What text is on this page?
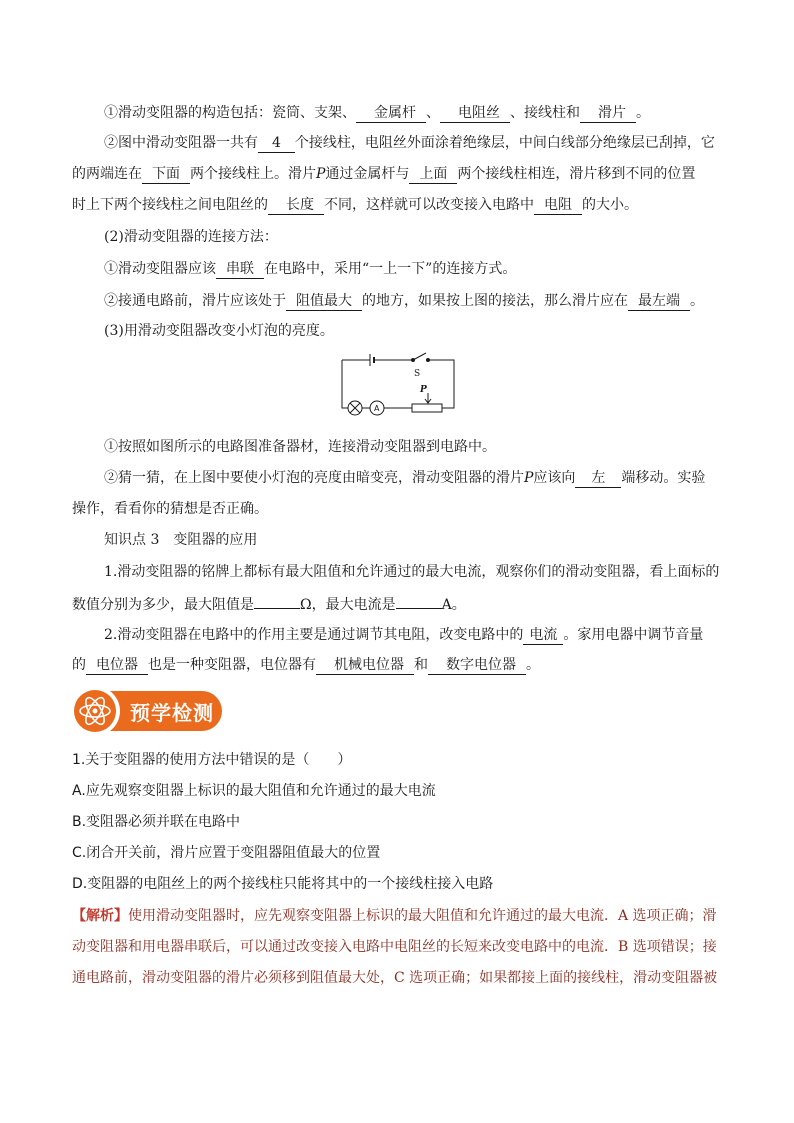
①滑动变阻器的构造包括：瓷筒、支架、 金属杆 、 电阻丝 、接线柱和 滑片 。
②图中滑动变阻器一共有 4 个接线柱，电阻丝外面涂着绝缘层，中间白线部分绝缘层已刮掉，它
的两端连在 下面 两个接线柱上。滑片P通过金属杆与 上面 两个接线柱相连，滑片移到不同的位置
时上下两个接线柱之间电阻丝的 长度 不同，这样就可以改变接入电路中 电阻 的大小。
(2)滑动变阻器的连接方法：
①滑动变阻器应该 串联 在电路中，采用“一上一下”的连接方式。
②接通电路前，滑片应该处于 阻值最大 的地方，如果按上图的接法，那么滑片应在 最左端 。
(3)用滑动变阻器改变小灯泡的亮度。
S
P
A
①按照如图所示的电路图准备器材，连接滑动变阻器到电路中。
②猜一猜，在上图中要使小灯泡的亮度由暗变亮，滑动变阻器的滑片P应该向 左 端移动。实验
操作，看看你的猜想是否正确。
知识点 3　变阻器的应用
1.滑动变阻器的铭牌上都标有最大阻值和允许通过的最大电流，观察你们的滑动变阻器，看上面标的
数值分别为多少，最大阻值是	Ω，最大电流是	A。
2.滑动变阻器在电路中的作用主要是通过调节其电阻，改变电路中的 电流 。家用电器中调节音量
的 电位器 也是一种变阻器，电位器有 机械电位器 和 数字电位器 。
预学检测
1.关于变阻器的使用方法中错误的是（　　）
A.应先观察变阻器上标识的最大阻值和允许通过的最大电流
B.变阻器必须并联在电路中
C.闭合开关前，滑片应置于变阻器阻值最大的位置
D.变阻器的电阻丝上的两个接线柱只能将其中的一个接线柱接入电路
【解析】使用滑动变阻器时，应先观察变阻器上标识的最大阻值和允许通过的最大电流．A 选项正确；滑
动变阻器和用电器串联后，可以通过改变接入电路中电阻丝的长短来改变电路中的电流．B 选项错误；接
通电路前，滑动变阻器的滑片必须移到阻值最大处，C 选项正确；如果都接上面的接线柱，滑动变阻器被
